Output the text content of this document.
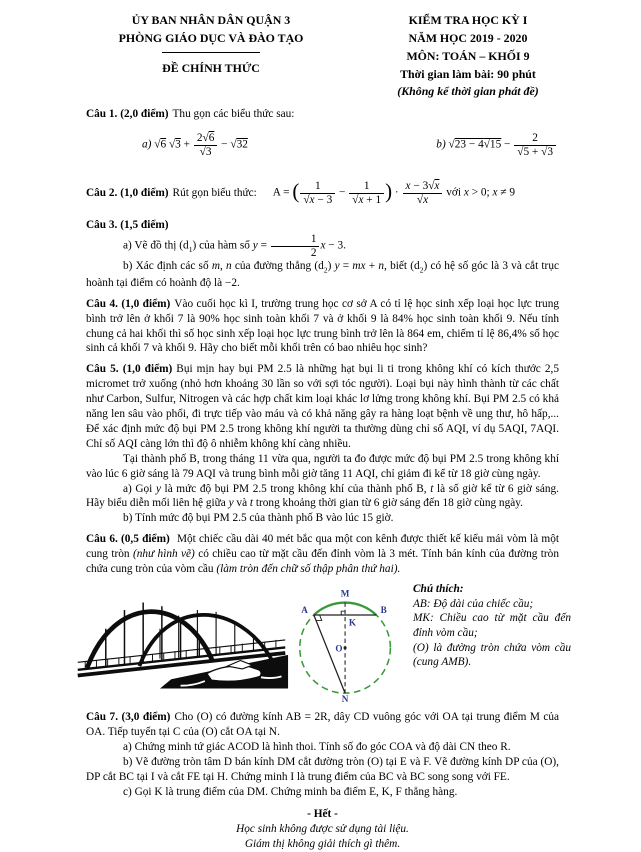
ỦY BAN NHÂN DÂN QUẬN 3
PHÒNG GIÁO DỤC VÀ ĐÀO TẠO
ĐỀ CHÍNH THỨC
KIỂM TRA HỌC KỲ I
NĂM HỌC 2019 - 2020
MÔN: TOÁN – KHỐI 9
Thời gian làm bài: 90 phút
(Không kể thời gian phát đề)

Câu 1. (2,0 điểm) Thu gọn các biểu thức sau:

a) √6 $√3 + \frac{2√6}{√3} - √32$	b) $√23 - 4√15 - \frac{2}{√5 + √3}$
Câu 2. (1,0 điểm) Rút gọn biểu thức: A = ( $\frac{1}{√x - 3} - \frac{1}{√x + 1}$ ) · $\frac{x - 3√x}{√x}$ với x > 0; x ≠ 9

Câu 3. (1,5 điểm)

a) Vẽ đồ thị $(d_1)$ của hàm số $y = \frac{1}{2}$ x − 3.

b) Xác định các số m, n của đường thẳng $(d_2) y$ = mx + n, biết $(d_2)$ có hệ số góc là 3 và cắt trục hoành tại điểm có hoành độ là −2.

Câu 4. (1,0 điểm) Vào cuối học kì I, trường trung học cơ sở A có tỉ lệ học sinh xếp loại học lực trung bình trở lên ở khối 7 là 90% học sinh toàn khối 7 và ở khối 9 là 84% học sinh toàn khối 9. Nếu tính chung cả hai khối thì số học sinh xếp loại học lực trung bình trở lên là 864 em, chiếm tỉ lệ 86,4% số học sinh cả khối 7 và khối 9. Hãy cho biết mỗi khối trên có bao nhiêu học sinh?

Câu 5. (1,0 điểm) Bụi mịn hay bụi PM 2.5 là những hạt bụi li ti trong không khí có kích thước 2,5 micromet trở xuống (nhỏ hơn khoảng 30 lần so với sợi tóc người). Loại bụi này hình thành từ các chất như Carbon, Sulfur, Nitrogen và các hợp chất kim loại khác lơ lửng trong không khí. Bụi PM 2.5 có khả năng len sâu vào phổi, đi trực tiếp vào máu và có khả năng gây ra hàng loạt bệnh về ung thư, hô hấp,... Để xác định mức độ bụi PM 2.5 trong không khí người ta thường dùng chỉ số AQI, ví dụ 5AQI, 7AQI. Chỉ số AQI càng lớn thì độ ô nhiễm không khí càng nhiều.

Tại thành phố B, trong tháng 11 vừa qua, người ta đo được mức độ bụi PM 2.5 trong không khí vào lúc 6 giờ sáng là 79 AQI và trung bình mỗi giờ tăng 11 AQI, chỉ giảm đi kể từ 18 giờ cùng ngày.

a) Gọi y là mức độ bụi PM 2.5 trong không khí của thành phố B, t là số giờ kể từ 6 giờ sáng. Hãy biểu diễn mối liên hệ giữa y và t trong khoảng thời gian từ 6 giờ sáng đến 18 giờ cùng ngày.

b) Tính mức độ bụi PM 2.5 của thành phố B vào lúc 15 giờ.

Câu 6. (0,5 điểm) Một chiếc cầu dài 40 mét bắc qua một con kênh được thiết kế kiểu mái vòm là một cung tròn (như hình vẽ) có chiều cao từ mặt cầu đến đỉnh vòm là 3 mét. Tính bán kính của đường tròn chứa cung tròn của vòm cầu (làm tròn đến chữ số thập phân thứ hai).

M
A	B
K
O
N
Chú thích:
AB: Độ dài của chiếc cầu;
MK: Chiều cao từ mặt cầu đến đỉnh vòm cầu;
(O) là đường tròn chứa vòm cầu (cung AMB).

Câu 7. (3,0 điểm) Cho (O) có đường kính AB = 2R, dây CD vuông góc với OA tại trung điểm M của OA. Tiếp tuyến tại C của (O) cắt OA tại N.

a) Chứng minh tứ giác ACOD là hình thoi. Tính số đo góc COA và độ dài CN theo R.

b) Vẽ đường tròn tâm D bán kính DM cắt đường tròn (O) tại E và F. Vẽ đường kính DP của (O), DP cắt BC tại I và cắt FE tại H. Chứng minh I là trung điểm của BC và BC song song với FE.

c) Gọi K là trung điểm của DM. Chứng minh ba điểm E, K, F thẳng hàng.

- Hết -
Học sinh không được sử dụng tài liệu.
Giám thị không giải thích gì thêm.
